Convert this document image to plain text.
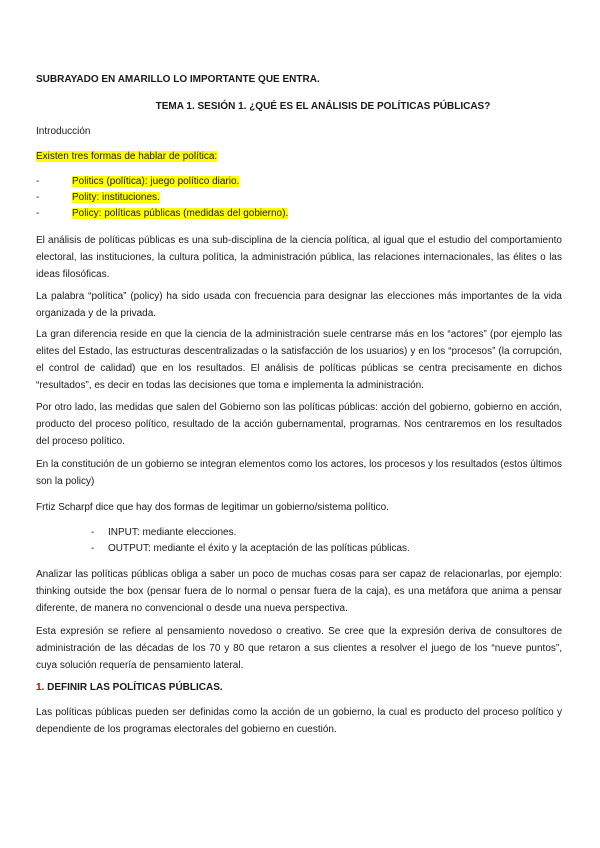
SUBRAYADO EN AMARILLO LO IMPORTANTE QUE ENTRA.
TEMA 1. SESIÓN 1. ¿QUÉ ES EL ANÁLISIS DE POLÍTICAS PÚBLICAS?
Introducción
Existen tres formas de hablar de política:
-	Politics (política): juego político diario.
-	Polity: instituciones.
-	Policy: políticas públicas (medidas del gobierno).
El análisis de políticas públicas es una sub-disciplina de la ciencia política, al igual que el estudio del comportamiento electoral, las instituciones, la cultura política, la administración pública, las relaciones internacionales, las élites o las ideas filosóficas.
La palabra “política” (policy) ha sido usada con frecuencia para designar las elecciones más importantes de la vida organizada y de la privada.
La gran diferencia reside en que la ciencia de la administración suele centrarse más en los “actores” (por ejemplo las elites del Estado, las estructuras descentralizadas o la satisfacción de los usuarios) y en los “procesos” (la corrupción, el control de calidad) que en los resultados. El análisis de políticas públicas se centra precisamente en dichos “resultados”, es decir en todas las decisiones que toma e implementa la administración.
Por otro lado, las medidas que salen del Gobierno son las políticas públicas: acción del gobierno, gobierno en acción, producto del proceso político, resultado de la acción gubernamental, programas. Nos centraremos en los resultados del proceso político.
En la constitución de un gobierno se integran elementos como los actores, los procesos y los resultados (estos últimos son la policy)
Frtiz Scharpf dice que hay dos formas de legitimar un gobierno/sistema político.
- INPUT: mediante elecciones.
- OUTPUT: mediante el éxito y la aceptación de las políticas públicas.
Analizar las políticas públicas obliga a saber un poco de muchas cosas para ser capaz de relacionarlas, por ejemplo: thinking outside the box (pensar fuera de lo normal o pensar fuera de la caja), es una metáfora que anima a pensar diferente, de manera no convencional o desde una nueva perspectiva.
Esta expresión se refiere al pensamiento novedoso o creativo. Se cree que la expresión deriva de consultores de administración de las décadas de los 70 y 80 que retaron a sus clientes a resolver el juego de los “nueve puntos”, cuya solución requería de pensamiento lateral.
1. DEFINIR LAS POLÍTICAS PÚBLICAS.
Las políticas públicas pueden ser definidas como la acción de un gobierno, la cual es producto del proceso político y dependiente de los programas electorales del gobierno en cuestión.
